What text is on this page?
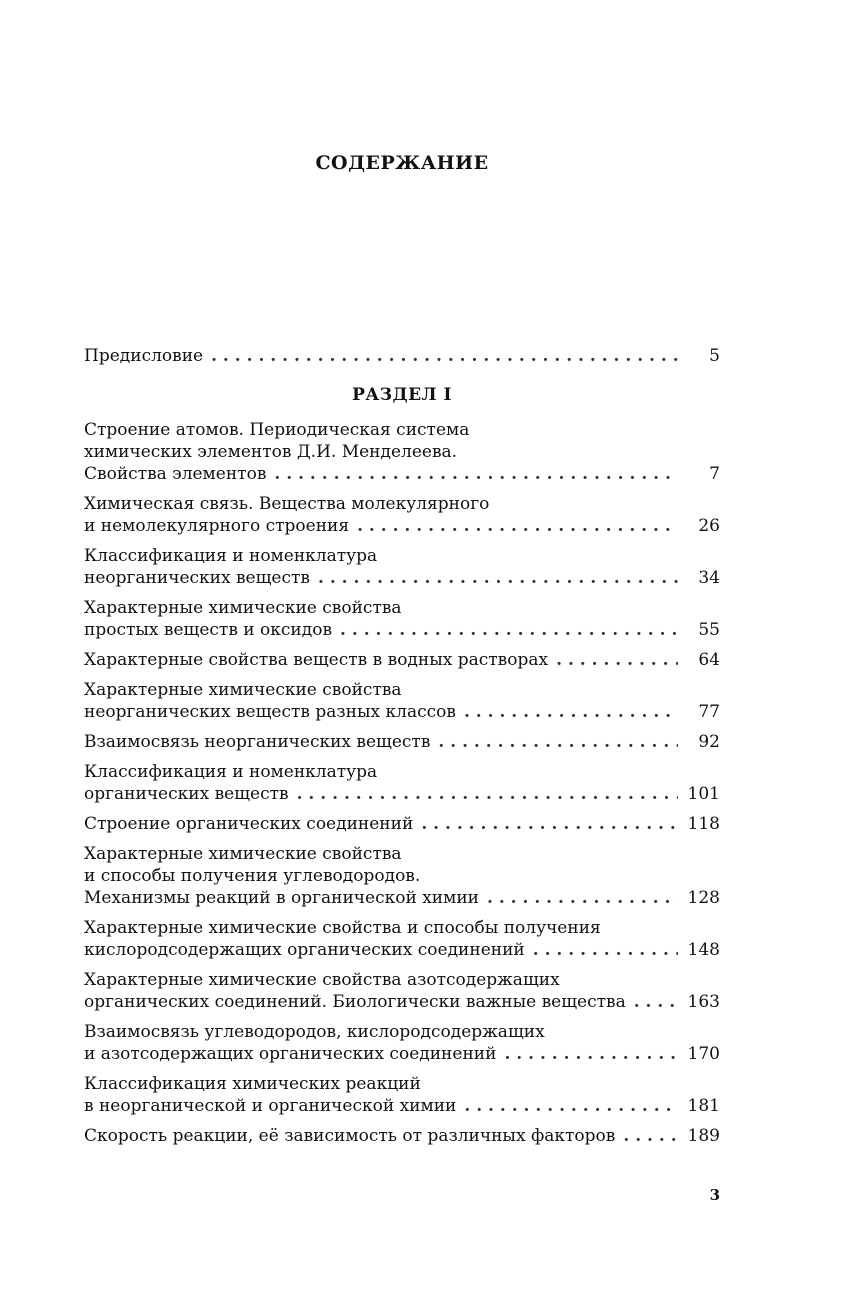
СОДЕРЖАНИЕ
Предисловие . . .	5
РАЗДЕЛ I
Строение атомов. Периодическая система
химических элементов Д.И. Менделеева.
Свойства элементов . . .	7
Химическая связь. Вещества молекулярного
и немолекулярного строения . . .	26
Классификация и номенклатура
неорганических веществ . . .	34
Характерные химические свойства
простых веществ и оксидов . . .	55
Характерные свойства веществ в водных растворах . . .	64
Характерные химические свойства
неорганических веществ разных классов . . .	77
Взаимосвязь неорганических веществ . . .	92
Классификация и номенклатура
органических веществ . . .	101
Строение органических соединений . . .	118
Характерные химические свойства
и способы получения углеводородов.
Механизмы реакций в органической химии . . .	128
Характерные химические свойства и способы получения
кислородсодержащих органических соединений . . .	148
Характерные химические свойства азотсодержащих
органических соединений. Биологически важные вещества . . .	163
Взаимосвязь углеводородов, кислородсодержащих
и азотсодержащих органических соединений . . .	170
Классификация химических реакций
в неорганической и органической химии . . .	181
Скорость реакции, её зависимость от различных факторов . . .	189
3
